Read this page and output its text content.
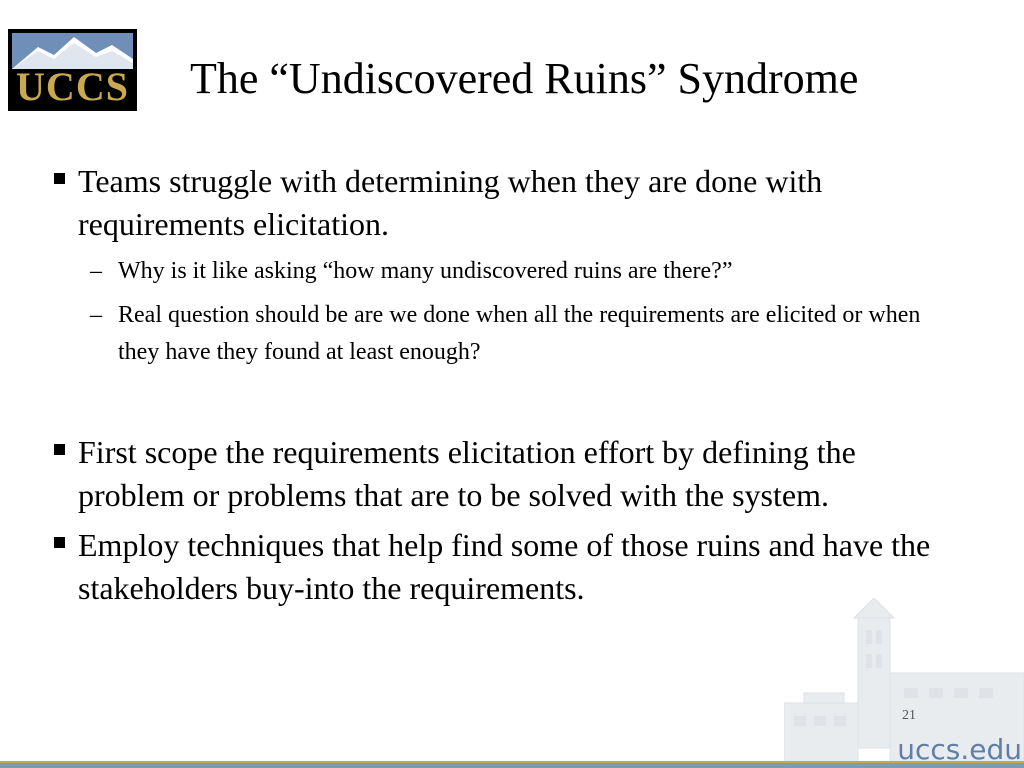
UCCS The “Undiscovered Ruins” Syndrome
Teams struggle with determining when they are done with requirements elicitation.
– Why is it like asking “how many undiscovered ruins are there?”
– Real question should be are we done when all the requirements are elicited or when they have they found at least enough?
First scope the requirements elicitation effort by defining the problem or problems that are to be solved with the system.
Employ techniques that help find some of those ruins and have the stakeholders buy-into the requirements.
21
uccs.edu
